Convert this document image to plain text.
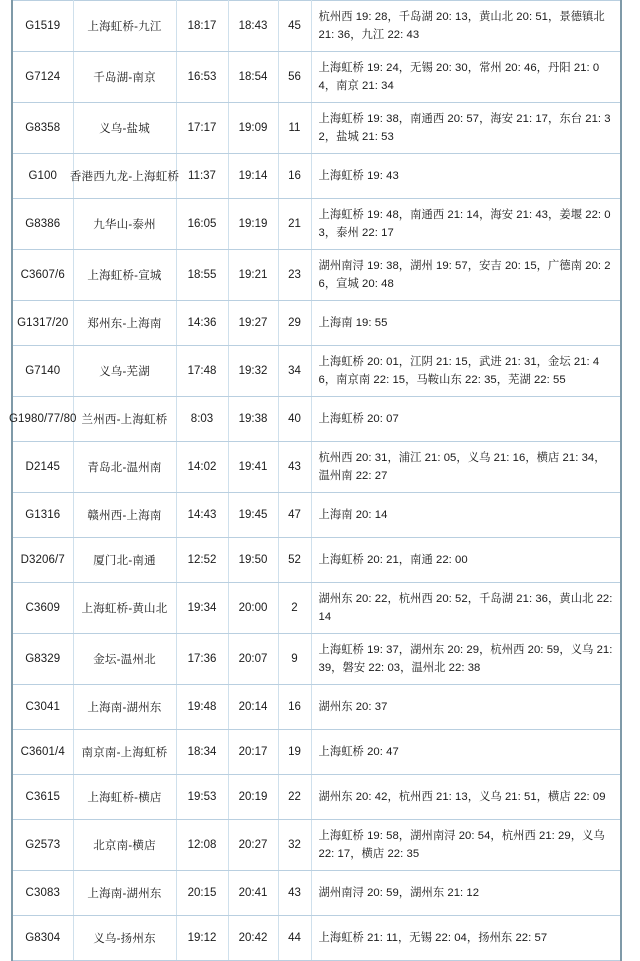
G1519	上海虹桥-九江	18:17	18:43	45	杭州西 19: 28，千岛湖 20: 13，黄山北 20: 51，景德镇北 21: 36，九江 22: 43

G7124	千岛湖-南京	16:53	18:54	56	上海虹桥 19: 24，无锡 20: 30，常州 20: 46，丹阳 21: 04，南京 21: 34

G8358	义乌-盐城	17:17	19:09	11	上海虹桥 19: 38，南通西 20: 57，海安 21: 17，东台 21: 32，盐城 21: 53

G100	香港西九龙-上海虹桥	11:37	19:14	16	上海虹桥 19: 43

G8386	九华山-泰州	16:05	19:19	21	上海虹桥 19: 48，南通西 21: 14，海安 21: 43，姜堰 22: 03，泰州 22: 17

C3607/6	上海虹桥-宣城	18:55	19:21	23	湖州南浔 19: 38，湖州 19: 57，安吉 20: 15，广德南 20: 26，宣城 20: 48

G1317/20	郑州东-上海南	14:36	19:27	29	上海南 19: 55

G7140	义乌-芜湖	17:48	19:32	34	上海虹桥 20: 01，江阴 21: 15，武进 21: 31，金坛 21: 46，南京南 22: 15，马鞍山东 22: 35，芜湖 22: 55

G1980/77/80	兰州西-上海虹桥	8:03	19:38	40	上海虹桥 20: 07

D2145	青岛北-温州南	14:02	19:41	43	杭州西 20: 31，浦江 21: 05，义乌 21: 16，横店 21: 34，温州南 22: 27

G1316	赣州西-上海南	14:43	19:45	47	上海南 20: 14

D3206/7	厦门北-南通	12:52	19:50	52	上海虹桥 20: 21，南通 22: 00

C3609	上海虹桥-黄山北	19:34	20:00	2	湖州东 20: 22，杭州西 20: 52，千岛湖 21: 36，黄山北 22: 14

G8329	金坛-温州北	17:36	20:07	9	上海虹桥 19: 37，湖州东 20: 29，杭州西 20: 59，义乌 21: 39，磐安 22: 03，温州北 22: 38

C3041	上海南-湖州东	19:48	20:14	16	湖州东 20: 37

C3601/4	南京南-上海虹桥	18:34	20:17	19	上海虹桥 20: 47

C3615	上海虹桥-横店	19:53	20:19	22	湖州东 20: 42，杭州西 21: 13，义乌 21: 51，横店 22: 09

G2573	北京南-横店	12:08	20:27	32	上海虹桥 19: 58，湖州南浔 20: 54，杭州西 21: 29，义乌 22: 17，横店 22: 35

C3083	上海南-湖州东	20:15	20:41	43	湖州南浔 20: 59，湖州东 21: 12

G8304	义乌-扬州东	19:12	20:42	44	上海虹桥 21: 11，无锡 22: 04，扬州东 22: 57
